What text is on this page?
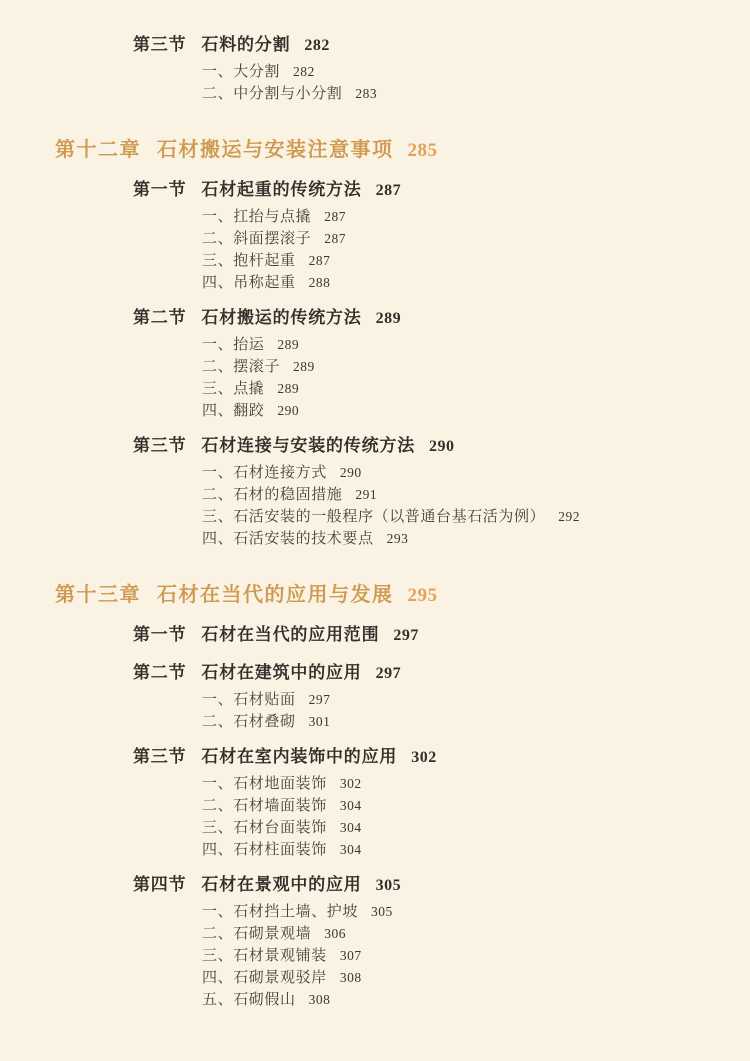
第三节 石料的分割 282
一、大分割 282
二、中分割与小分割 283
第十二章 石材搬运与安装注意事项 285
第一节 石材起重的传统方法 287
一、扛抬与点撬 287
二、斜面摆滚子 287
三、抱杆起重 287
四、吊称起重 288
第二节 石材搬运的传统方法 289
一、抬运 289
二、摆滚子 289
三、点撬 289
四、翻跤 290
第三节 石材连接与安装的传统方法 290
一、石材连接方式 290
二、石材的稳固措施 291
三、石活安装的一般程序（以普通台基石活为例） 292
四、石活安装的技术要点 293
第十三章 石材在当代的应用与发展 295
第一节 石材在当代的应用范围 297
第二节 石材在建筑中的应用 297
一、石材贴面 297
二、石材叠砌 301
第三节 石材在室内装饰中的应用 302
一、石材地面装饰 302
二、石材墙面装饰 304
三、石材台面装饰 304
四、石材柱面装饰 304
第四节 石材在景观中的应用 305
一、石材挡土墙、护坡 305
二、石砌景观墙 306
三、石材景观铺装 307
四、石砌景观驳岸 308
五、石砌假山 308
